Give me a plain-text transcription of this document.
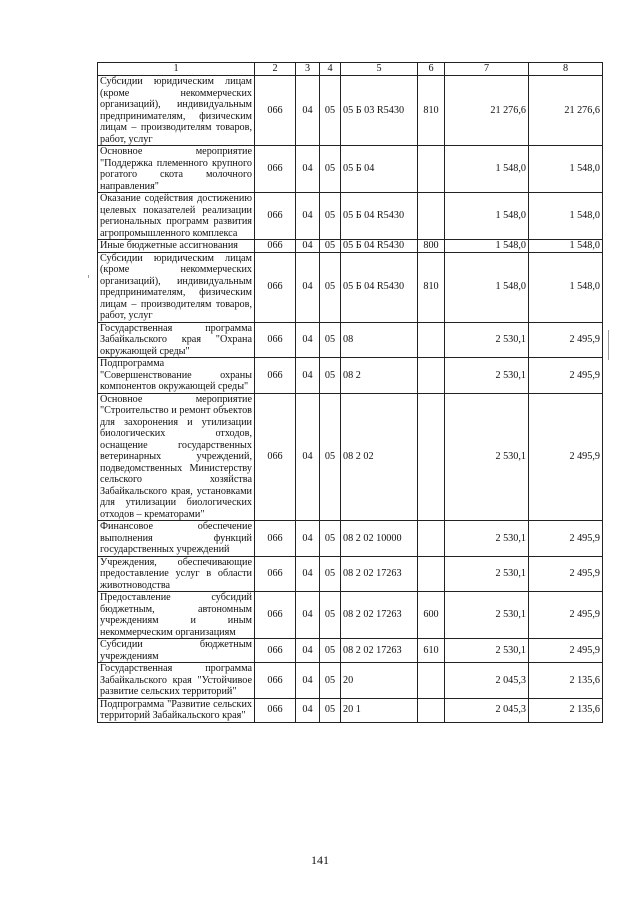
1	2	3	4	5	6	7	8
Субсидии юридическим лицам (кроме некоммерческих организаций), индивидуальным предпринимателям, физическим лицам – производителям товаров, работ, услуг	066	04	05	05 Б 03 R5430	810	21 276,6	21 276,6
Основное мероприятие "Поддержка племенного крупного рогатого скота молочного направления"	066	04	05	05 Б 04		1 548,0	1 548,0
Оказание содействия достижению целевых показателей реализации региональных программ развития агропромышленного комплекса	066	04	05	05 Б 04 R5430		1 548,0	1 548,0
Иные бюджетные ассигнования	066	04	05	05 Б 04 R5430	800	1 548,0	1 548,0
Субсидии юридическим лицам (кроме некоммерческих организаций), индивидуальным предпринимателям, физическим лицам – производителям товаров, работ, услуг	066	04	05	05 Б 04 R5430	810	1 548,0	1 548,0
Государственная программа Забайкальского края "Охрана окружающей среды"	066	04	05	08		2 530,1	2 495,9
Подпрограмма "Совершенствование охраны компонентов окружающей среды"	066	04	05	08 2		2 530,1	2 495,9
Основное мероприятие "Строительство и ремонт объектов для захоронения и утилизации биологических отходов, оснащение государственных ветеринарных учреждений, подведомственных Министерству сельского хозяйства Забайкальского края, установками для утилизации биологических отходов – крематорами"	066	04	05	08 2 02		2 530,1	2 495,9
Финансовое обеспечение выполнения функций государственных учреждений	066	04	05	08 2 02 10000		2 530,1	2 495,9
Учреждения, обеспечивающие предоставление услуг в области животноводства	066	04	05	08 2 02 17263		2 530,1	2 495,9
Предоставление субсидий бюджетным, автономным учреждениям и иным некоммерческим организациям	066	04	05	08 2 02 17263	600	2 530,1	2 495,9
Субсидии бюджетным учреждениям	066	04	05	08 2 02 17263	610	2 530,1	2 495,9
Государственная программа Забайкальского края "Устойчивое развитие сельских территорий"	066	04	05	20		2 045,3	2 135,6
Подпрограмма "Развитие сельских территорий Забайкальского края"	066	04	05	20 1		2 045,3	2 135,6
141
